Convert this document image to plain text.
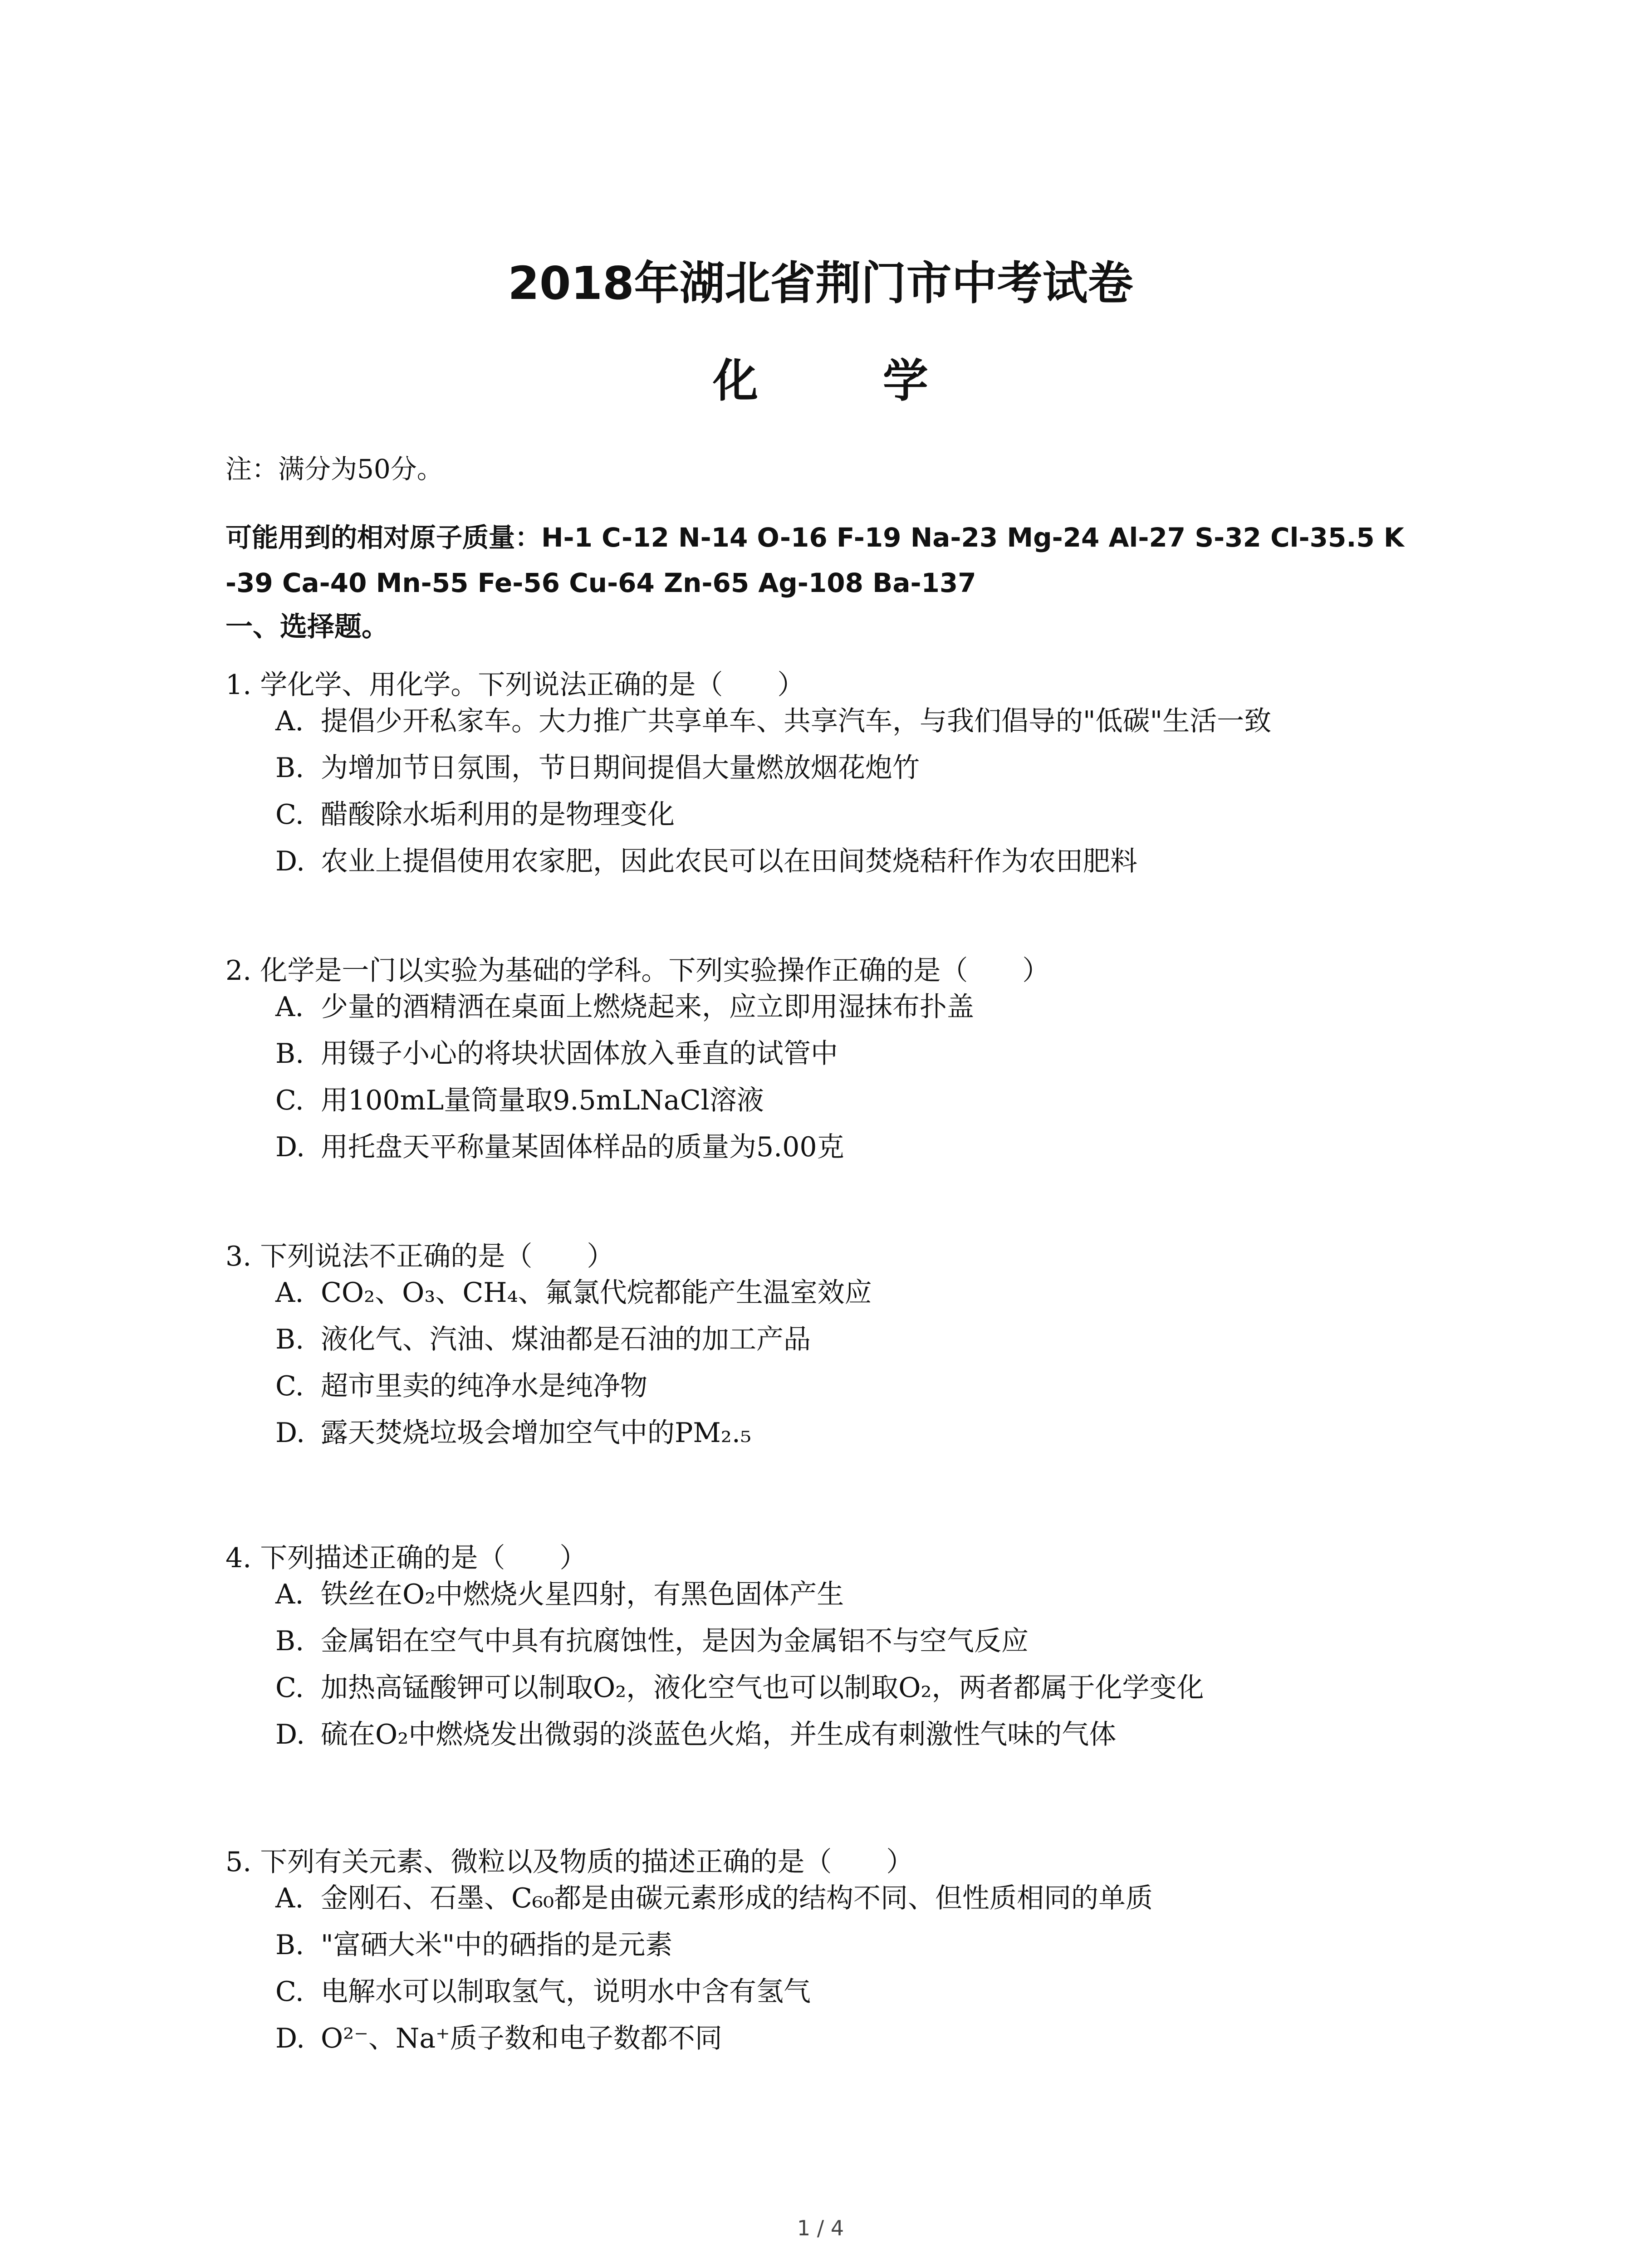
2018年湖北省荆门市中考试卷
化 学
注：满分为50分。
可能用到的相对原子质量：H-1 C-12 N-14 O-16 F-19 Na-23 Mg-24 Al-27 S-32 Cl-35.5 K -39 Ca-40 Mn-55 Fe-56 Cu-64 Zn-65 Ag-108 Ba-137
一、选择题。
1. 学化学、用化学。下列说法正确的是（　　）
A. 提倡少开私家车。大力推广共享单车、共享汽车，与我们倡导的"低碳"生活一致
B. 为增加节日氛围，节日期间提倡大量燃放烟花炮竹
C. 醋酸除水垢利用的是物理变化
D. 农业上提倡使用农家肥，因此农民可以在田间焚烧秸秆作为农田肥料
2. 化学是一门以实验为基础的学科。下列实验操作正确的是（　　）
A. 少量的酒精洒在桌面上燃烧起来，应立即用湿抹布扑盖
B. 用镊子小心的将块状固体放入垂直的试管中
C. 用100mL量筒量取9.5mLNaCl溶液
D. 用托盘天平称量某固体样品的质量为5.00克
3. 下列说法不正确的是（　　）
A. CO₂、O₃、CH₄、氟氯代烷都能产生温室效应
B. 液化气、汽油、煤油都是石油的加工产品
C. 超市里卖的纯净水是纯净物
D. 露天焚烧垃圾会增加空气中的PM₂.₅
4. 下列描述正确的是（　　）
A. 铁丝在O₂中燃烧火星四射，有黑色固体产生
B. 金属铝在空气中具有抗腐蚀性，是因为金属铝不与空气反应
C. 加热高锰酸钾可以制取O₂，液化空气也可以制取O₂，两者都属于化学变化
D. 硫在O₂中燃烧发出微弱的淡蓝色火焰，并生成有刺激性气味的气体
5. 下列有关元素、微粒以及物质的描述正确的是（　　）
A. 金刚石、石墨、C₆₀都是由碳元素形成的结构不同、但性质相同的单质
B. "富硒大米"中的硒指的是元素
C. 电解水可以制取氢气，说明水中含有氢气
D. O²⁻、Na⁺质子数和电子数都不同
1 / 4
